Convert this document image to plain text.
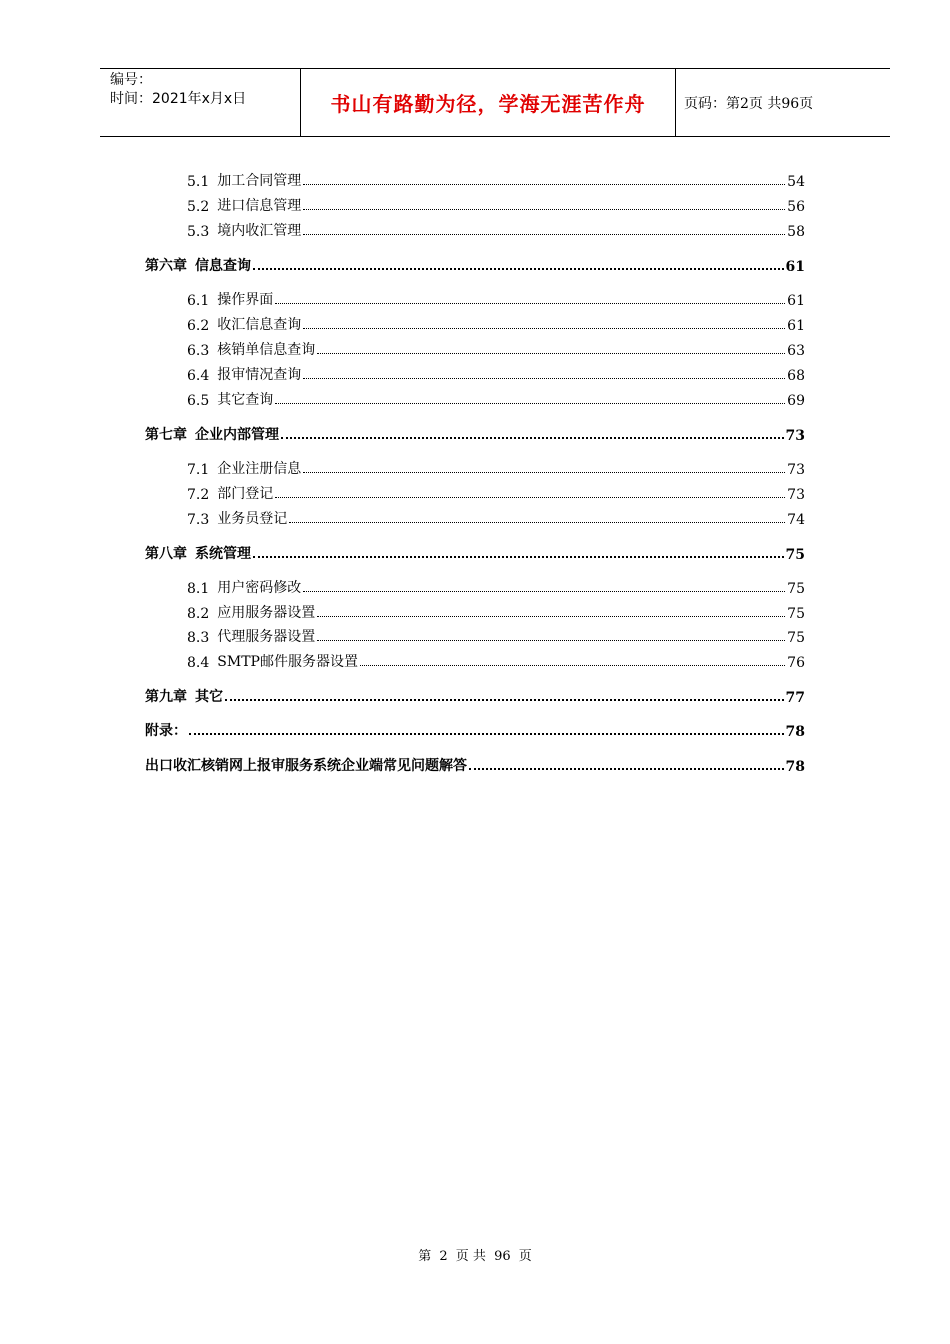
编号：
时间：2021年x月x日	书山有路勤为径，学海无涯苦作舟	页码：第2页 共96页
5.1 加工合同管理	54
5.2 进口信息管理	56
5.3 境内收汇管理	58
第六章 信息查询	61
6.1 操作界面	61
6.2 收汇信息查询	61
6.3 核销单信息查询	63
6.4 报审情况查询	68
6.5 其它查询	69
第七章 企业内部管理	73
7.1 企业注册信息	73
7.2 部门登记	73
7.3 业务员登记	74
第八章 系统管理	75
8.1 用户密码修改	75
8.2 应用服务器设置	75
8.3 代理服务器设置	75
8.4 SMTP邮件服务器设置	76
第九章 其它	77
附录：	78
出口收汇核销网上报审服务系统企业端常见问题解答	78
第 2 页 共 96 页
